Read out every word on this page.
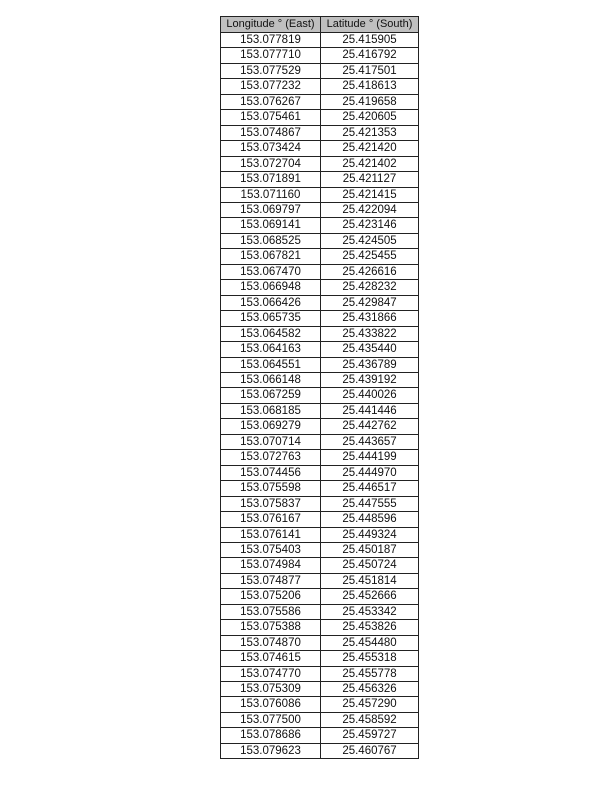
Longitude ° (East)	Latitude ° (South)
153.077819	25.415905
153.077710	25.416792
153.077529	25.417501
153.077232	25.418613
153.076267	25.419658
153.075461	25.420605
153.074867	25.421353
153.073424	25.421420
153.072704	25.421402
153.071891	25.421127
153.071160	25.421415
153.069797	25.422094
153.069141	25.423146
153.068525	25.424505
153.067821	25.425455
153.067470	25.426616
153.066948	25.428232
153.066426	25.429847
153.065735	25.431866
153.064582	25.433822
153.064163	25.435440
153.064551	25.436789
153.066148	25.439192
153.067259	25.440026
153.068185	25.441446
153.069279	25.442762
153.070714	25.443657
153.072763	25.444199
153.074456	25.444970
153.075598	25.446517
153.075837	25.447555
153.076167	25.448596
153.076141	25.449324
153.075403	25.450187
153.074984	25.450724
153.074877	25.451814
153.075206	25.452666
153.075586	25.453342
153.075388	25.453826
153.074870	25.454480
153.074615	25.455318
153.074770	25.455778
153.075309	25.456326
153.076086	25.457290
153.077500	25.458592
153.078686	25.459727
153.079623	25.460767
